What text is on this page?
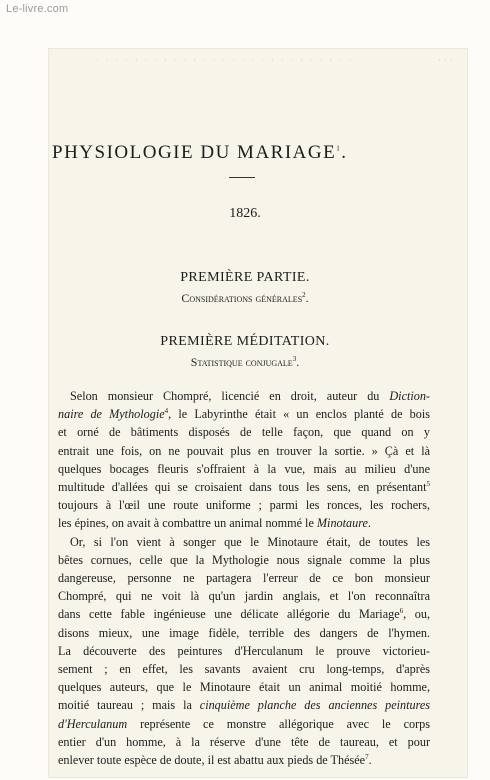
Le-livre.com
· · · · · · · · · · · · · · · · · · · · · · · · · · ·	· · ·
PHYSIOLOGIE DU MARIAGE$^1$.
1826.
PREMIÈRE PARTIE.
Considérations générales$^2$.
PREMIÈRE MÉDITATION.
Statistique conjugale$^3$.
Selon monsieur Chompré, licencié en droit, auteur du Diction-
naire de Mythologie$^4$, le Labyrinthe était « un enclos planté de bois
et orné de bâtiments disposés de telle façon, que quand on y
entrait une fois, on ne pouvait plus en trouver la sortie. » Çà et là
quelques bocages fleuris s'offraient à la vue, mais au milieu d'une
multitude d'allées qui se croisaient dans tous les sens, en présentant$^5$
toujours à l'œil une route uniforme ; parmi les ronces, les rochers,
les épines, on avait à combattre un animal nommé le Minotaure.
Or, si l'on vient à songer que le Minotaure était, de toutes les
bêtes cornues, celle que la Mythologie nous signale comme la plus
dangereuse, personne ne partagera l'erreur de ce bon monsieur
Chompré, qui ne voit là qu'un jardin anglais, et l'on reconnaîtra
dans cette fable ingénieuse une délicate allégorie du Mariage$^6$, ou,
disons mieux, une image fidèle, terrible des dangers de l'hymen.
La découverte des peintures d'Herculanum le prouve victorieu-
sement ; en effet, les savants avaient cru long-temps, d'après
quelques auteurs, que le Minotaure était un animal moitié homme,
moitié taureau ; mais la cinquième planche des anciennes peintures
d'Herculanum représente ce monstre allégorique avec le corps
entier d'un homme, à la réserve d'une tête de taureau, et pour
enlever toute espèce de doute, il est abattu aux pieds de Thésée$^7$.
